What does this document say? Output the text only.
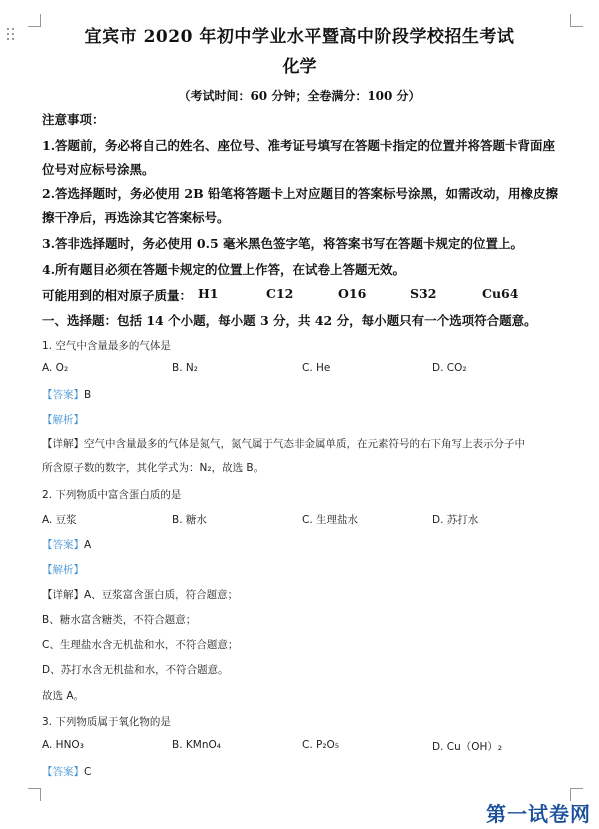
宜宾市 2020 年初中学业水平暨高中阶段学校招生考试
化学
（考试时间：60 分钟；全卷满分：100 分）
注意事项：
1.答题前，务必将自己的姓名、座位号、准考证号填写在答题卡指定的位置并将答题卡背面座
位号对应标号涂黑。
2.答选择题时，务必使用 2B 铅笔将答题卡上对应题目的答案标号涂黑，如需改动，用橡皮擦
擦干净后，再选涂其它答案标号。
3.答非选择题时，务必使用 0.5 毫米黑色签字笔，将答案书写在答题卡规定的位置上。
4.所有题目必须在答题卡规定的位置上作答，在试卷上答题无效。
可能用到的相对原子质量： H1	C12	O16	S32	Cu64
一、选择题：包括 14 个小题，每小题 3 分，共 42 分，每小题只有一个选项符合题意。
1. 空气中含量最多的气体是
A. O₂	B. N₂	C. He	D. CO₂
【答案】B
【解析】
【详解】空气中含量最多的气体是氮气，氮气属于气态非金属单质，在元素符号的右下角写上表示分子中
所含原子数的数字，其化学式为：N₂，故选 B。
2. 下列物质中富含蛋白质的是
A. 豆浆	B. 糖水	C. 生理盐水	D. 苏打水
【答案】A
【解析】
【详解】A、豆浆富含蛋白质，符合题意；
B、糖水富含糖类，不符合题意；
C、生理盐水含无机盐和水，不符合题意；
D、苏打水含无机盐和水，不符合题意。
故选 A。
3. 下列物质属于氧化物的是
A. HNO₃	B. KMnO₄	C. P₂O₅	D. Cu（OH）₂
【答案】C
第一试卷网
